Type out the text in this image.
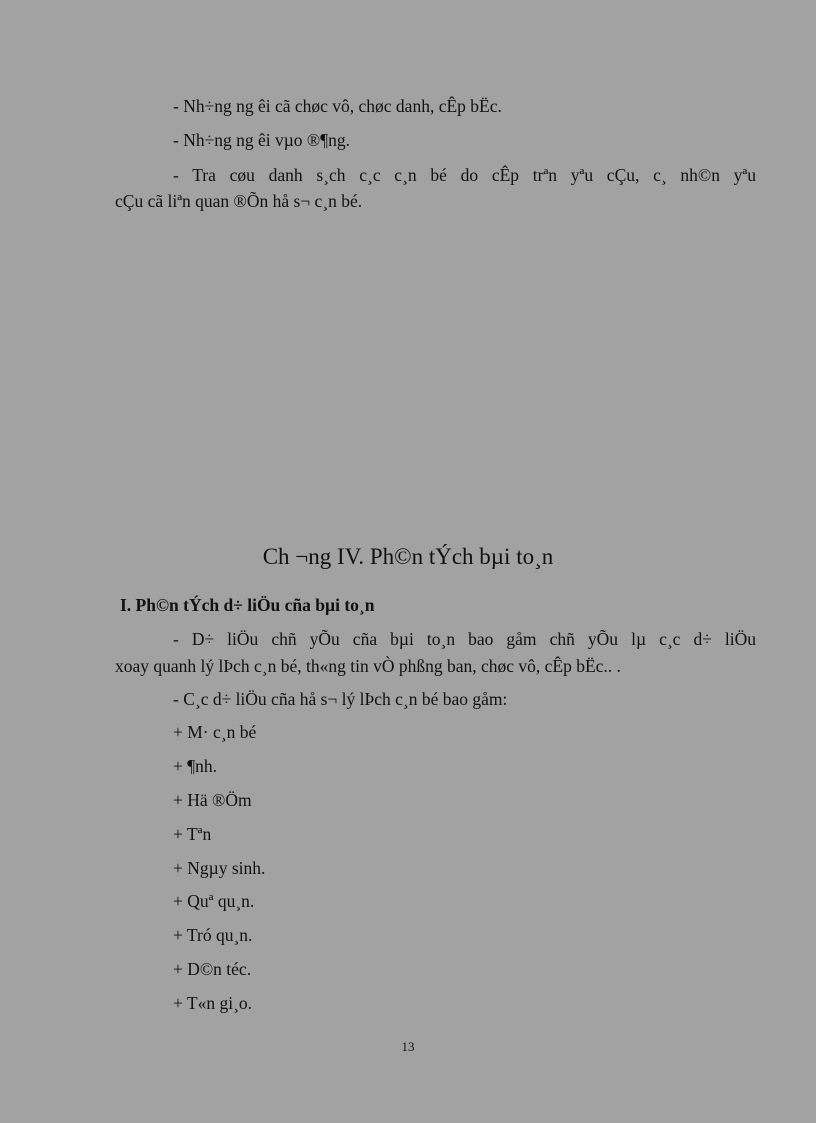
- Nh÷ng ng êi cã chøc vô, chøc danh, cÊp bËc.
- Nh÷ng ng êi vµo ®¶ng.
- Tra cøu danh s¸ch c¸c c¸n bé do cÊp trªn yªu cÇu, c¸ nh©n yªu
cÇu cã liªn quan ®Õn hå s¬ c¸n bé.
Ch ¬ng IV. Ph©n tÝch bµi to¸n
I. Ph©n tÝch d÷ liÖu cña bµi to¸n
- D÷ liÖu chñ yÕu cña bµi to¸n bao gåm chñ yÕu lµ c¸c d÷ liÖu
xoay quanh lý lÞch c¸n bé, th«ng tin vÒ phßng ban, chøc vô, cÊp bËc.. .
- C¸c d÷ liÖu cña hå s¬ lý lÞch c¸n bé bao gåm:
+ M· c¸n bé
+ ¶nh.
+ Hä ®Öm
+ Tªn
+ Ngµy sinh.
+ Quª qu¸n.
+ Tró qu¸n.
+ D©n téc.
+ T«n gi¸o.
13
